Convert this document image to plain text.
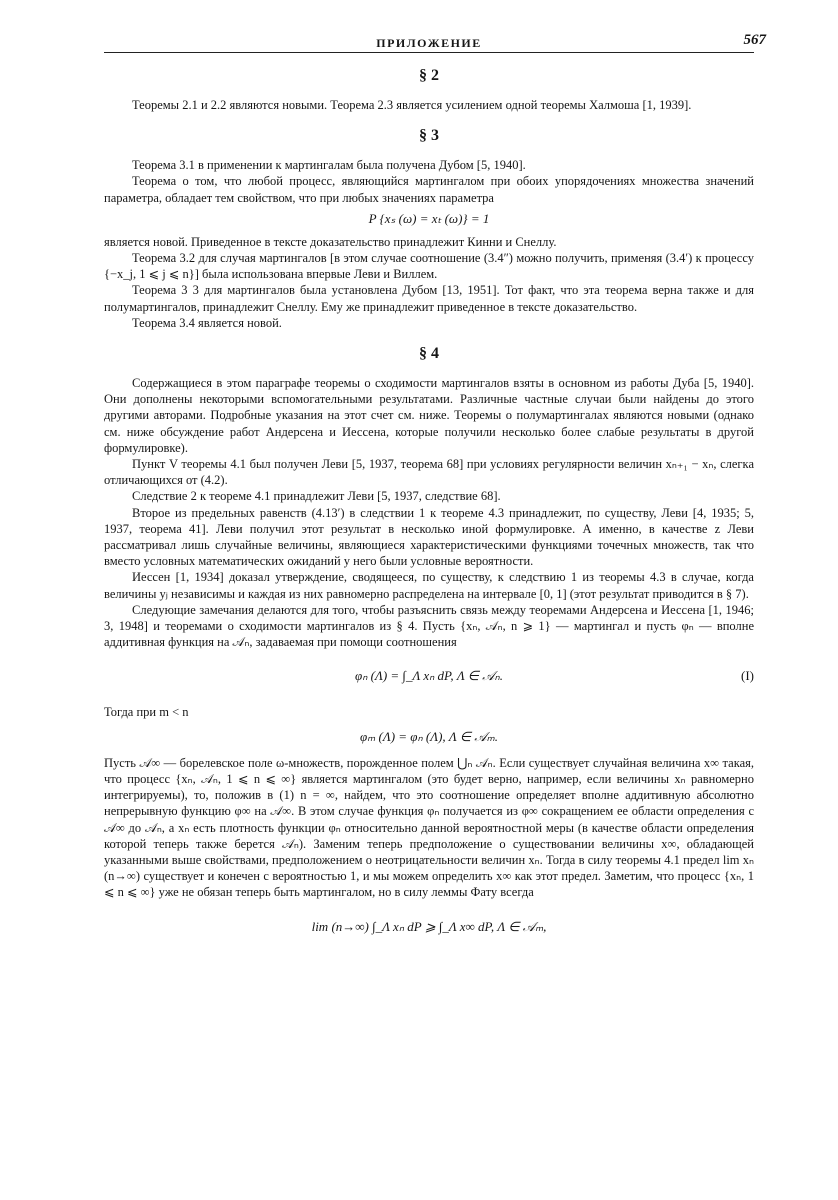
ПРИЛОЖЕНИЕ	567
§ 2

Теоремы 2.1 и 2.2 являются новыми. Теорема 2.3 является усилением одной теоремы Халмоша [1, 1939].

§ 3

Теорема 3.1 в применении к мартингалам была получена Дубом [5, 1940].

Теорема о том, что любой процесс, являющийся мартингалом при обоих упорядочениях множества значений параметра, обладает тем свойством, что при любых значениях параметра

P {xₛ (ω) = xₜ (ω)} = 1

является новой. Приведенное в тексте доказательство принадлежит Кинни и Снеллу.

Теорема 3.2 для случая мартингалов [в этом случае соотношение (3.4″) можно получить, применяя (3.4′) к процессу {−x_j, 1 ⩽ j ⩽ n}] была использована впервые Леви и Виллем.

Теорема 3 3 для мартингалов была установлена Дубом [13, 1951]. Тот факт, что эта теорема верна также и для полумартингалов, принадлежит Снеллу. Ему же принадлежит приведенное в тексте доказательство.

Теорема 3.4 является новой.

§ 4

Содержащиеся в этом параграфе теоремы о сходимости мартингалов взяты в основном из работы Дуба [5, 1940]. Они дополнены некоторыми вспомогательными результатами. Различные частные случаи были найдены до этого другими авторами. Подробные указания на этот счет см. ниже. Теоремы о полумартингалах являются новыми (однако см. ниже обсуждение работ Андерсена и Иессена, которые получили несколько более слабые результаты в другой формулировке).

Пункт V теоремы 4.1 был получен Леви [5, 1937, теорема 68] при условиях регулярности величин xₙ₊₁ − xₙ, слегка отличающихся от (4.2).

Следствие 2 к теореме 4.1 принадлежит Леви [5, 1937, следствие 68].

Второе из предельных равенств (4.13′) в следствии 1 к теореме 4.3 принадлежит, по существу, Леви [4, 1935; 5, 1937, теорема 41]. Леви получил этот результат в несколько иной формулировке. А именно, в качестве z Леви рассматривал лишь случайные величины, являющиеся характеристическими функциями точечных множеств, так что вместо условных математических ожиданий у него были условные вероятности.

Иессен [1, 1934] доказал утверждение, сводящееся, по существу, к следствию 1 из теоремы 4.3 в случае, когда величины yⱼ независимы и каждая из них равномерно распределена на интервале [0, 1] (этот результат приводится в § 7).

Следующие замечания делаются для того, чтобы разъяснить связь между теоремами Андерсена и Иессена [1, 1946; 3, 1948] и теоремами о сходимости мартингалов из § 4. Пусть {xₙ, 𝒜ₙ, n ⩾ 1} — мартингал и пусть φₙ — вполне аддитивная функция на 𝒜ₙ, задаваемая при помощи соотношения

φₙ (Λ) = ∫_Λ xₙ dP, Λ ∈ 𝒜ₙ.	(I)

Тогда при m < n

φₘ (Λ) = φₙ (Λ), Λ ∈ 𝒜ₘ.

Пусть 𝒜∞ — борелевское поле ω-множеств, порожденное полем ⋃ₙ 𝒜ₙ. Если существует случайная величина x∞ такая, что процесс {xₙ, 𝒜ₙ, 1 ⩽ n ⩽ ∞} является мартингалом (это будет верно, например, если величины xₙ равномерно интегрируемы), то, положив в (1) n = ∞, найдем, что это соотношение определяет вполне аддитивную абсолютно непрерывную функцию φ∞ на 𝒜∞. В этом случае функция φₙ получается из φ∞ сокращением ее области определения с 𝒜∞ до 𝒜ₙ, а xₙ есть плотность функции φₙ относительно данной вероятностной меры (в качестве области определения которой теперь также берется 𝒜ₙ). Заменим теперь предположение о существовании величины x∞, обладающей указанными выше свойствами, предположением о неотрицательности величин xₙ. Тогда в силу теоремы 4.1 предел lim xₙ (n→∞) существует и конечен с вероятностью 1, и мы можем определить x∞ как этот предел. Заметим, что процесс {xₙ, 1 ⩽ n ⩽ ∞} уже не обязан теперь быть мартингалом, но в силу леммы Фату всегда

lim (n→∞) ∫_Λ xₙ dP ⩾ ∫_Λ x∞ dP, Λ ∈ 𝒜ₘ,
